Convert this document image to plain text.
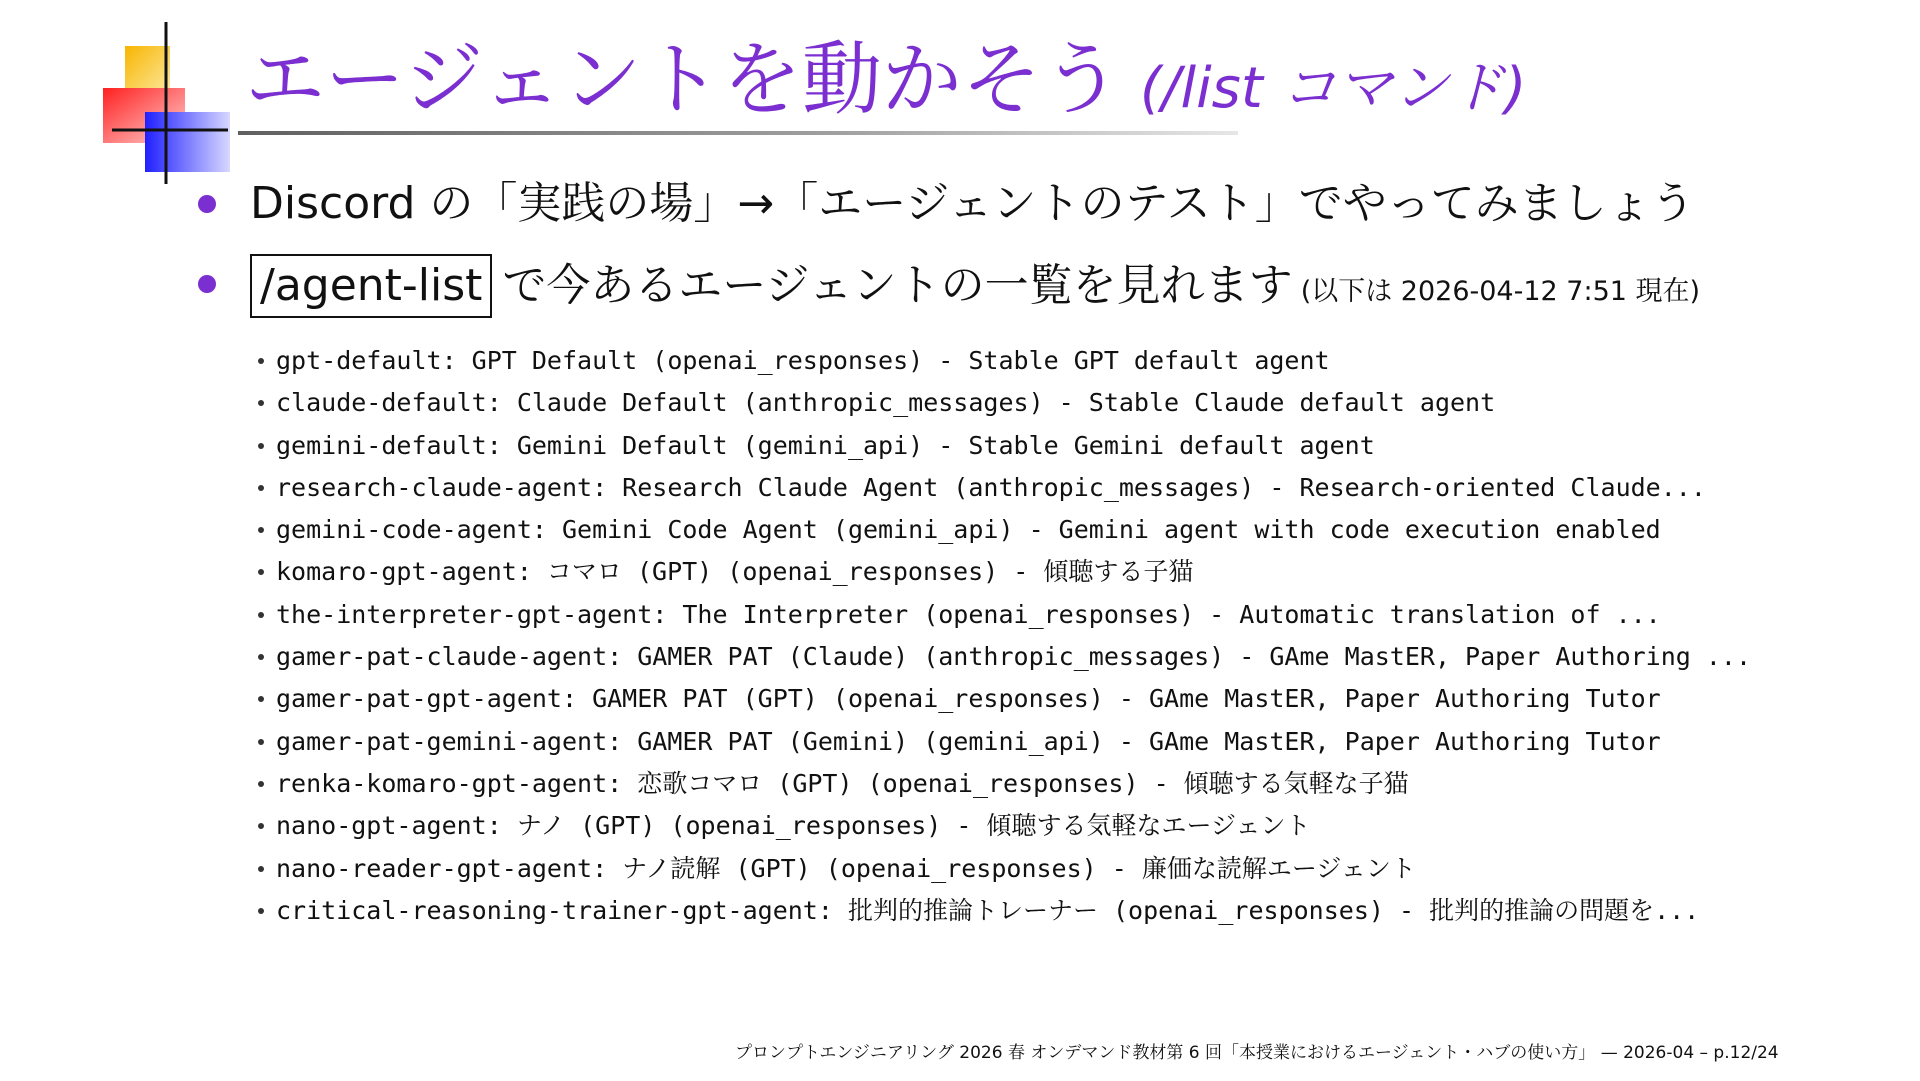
エージェントを動かそう (/list コマンド)
Discord の「実践の場」→「エージェントのテスト」でやってみましょう
/agent-list で今あるエージェントの一覧を見れます (以下は 2026-04-12 7:51 現在)
gpt-default: GPT Default (openai_responses) - Stable GPT default agent
claude-default: Claude Default (anthropic_messages) - Stable Claude default agent
gemini-default: Gemini Default (gemini_api) - Stable Gemini default agent
research-claude-agent: Research Claude Agent (anthropic_messages) - Research-oriented Claude...
gemini-code-agent: Gemini Code Agent (gemini_api) - Gemini agent with code execution enabled
komaro-gpt-agent: コマロ (GPT) (openai_responses) - 傾聴する子猫
the-interpreter-gpt-agent: The Interpreter (openai_responses) - Automatic translation of ...
gamer-pat-claude-agent: GAMER PAT (Claude) (anthropic_messages) - GAme MastER, Paper Authoring ...
gamer-pat-gpt-agent: GAMER PAT (GPT) (openai_responses) - GAme MastER, Paper Authoring Tutor
gamer-pat-gemini-agent: GAMER PAT (Gemini) (gemini_api) - GAme MastER, Paper Authoring Tutor
renka-komaro-gpt-agent: 恋歌コマロ (GPT) (openai_responses) - 傾聴する気軽な子猫
nano-gpt-agent: ナノ (GPT) (openai_responses) - 傾聴する気軽なエージェント
nano-reader-gpt-agent: ナノ読解 (GPT) (openai_responses) - 廉価な読解エージェント
critical-reasoning-trainer-gpt-agent: 批判的推論トレーナー (openai_responses) - 批判的推論の問題を...
プロンプトエンジニアリング 2026 春 オンデマンド教材第 6 回「本授業におけるエージェント・ハブの使い方」 — 2026-04 – p.12/24
